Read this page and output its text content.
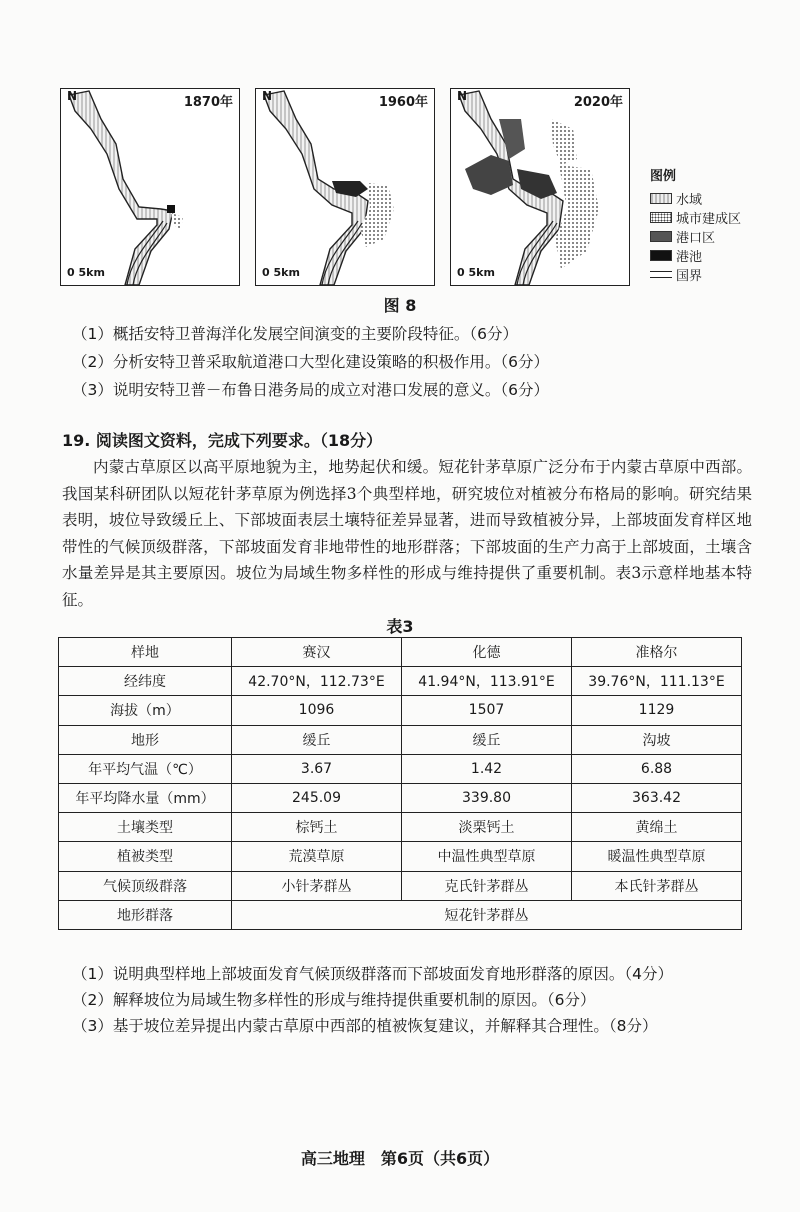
N	1870年
0 5km
N	1960年
0 5km
N	2020年
0 5km
图例
水域
城市建成区
港口区
港池
国界
图 8
（1）概括安特卫普海洋化发展空间演变的主要阶段特征。（6分）
（2）分析安特卫普采取航道港口大型化建设策略的积极作用。（6分）
（3）说明安特卫普－布鲁日港务局的成立对港口发展的意义。（6分）
19. 阅读图文资料，完成下列要求。（18分）
内蒙古草原区以高平原地貌为主，地势起伏和缓。短花针茅草原广泛分布于内蒙古草原中西部。我国某科研团队以短花针茅草原为例选择3个典型样地，研究坡位对植被分布格局的影响。研究结果表明，坡位导致缓丘上、下部坡面表层土壤特征差异显著，进而导致植被分异，上部坡面发育样区地带性的气候顶级群落，下部坡面发育非地带性的地形群落；下部坡面的生产力高于上部坡面，土壤含水量差异是其主要原因。坡位为局域生物多样性的形成与维持提供了重要机制。表3示意样地基本特征。
表3
样地	赛汉	化德	准格尔
经纬度	42.70°N，112.73°E	41.94°N，113.91°E	39.76°N，111.13°E
海拔（m）	1096	1507	1129
地形	缓丘	缓丘	沟坡
年平均气温（℃）	3.67	1.42	6.88
年平均降水量（mm）	245.09	339.80	363.42
土壤类型	棕钙土	淡栗钙土	黄绵土
植被类型	荒漠草原	中温性典型草原	暖温性典型草原
气候顶级群落	小针茅群丛	克氏针茅群丛	本氏针茅群丛
地形群落	短花针茅群丛		
（1）说明典型样地上部坡面发育气候顶级群落而下部坡面发育地形群落的原因。（4分）
（2）解释坡位为局域生物多样性的形成与维持提供重要机制的原因。（6分）
（3）基于坡位差异提出内蒙古草原中西部的植被恢复建议，并解释其合理性。（8分）
高三地理　第6页（共6页）
